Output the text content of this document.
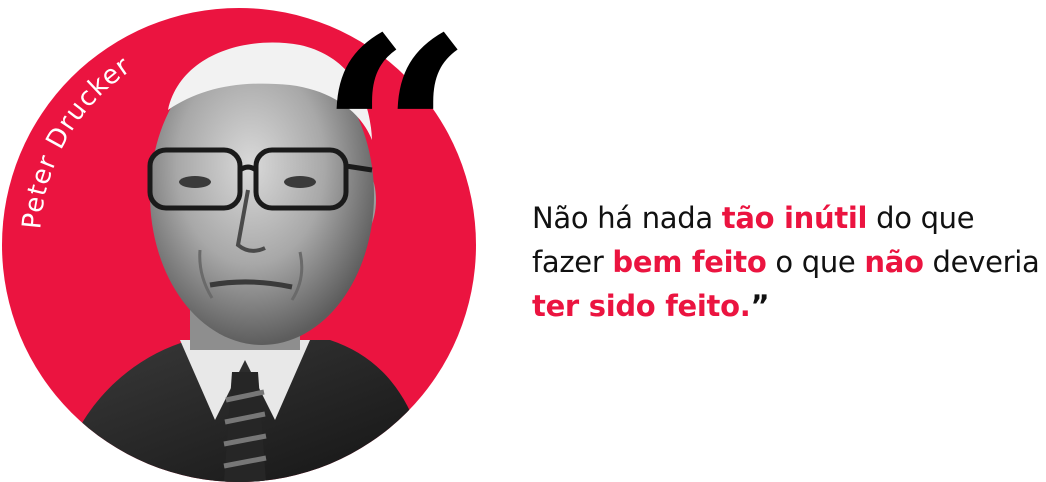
Peter Drucker “ Não há nada tão inútil do que
fazer bem feito o que não deveria
ter sido feito.”
